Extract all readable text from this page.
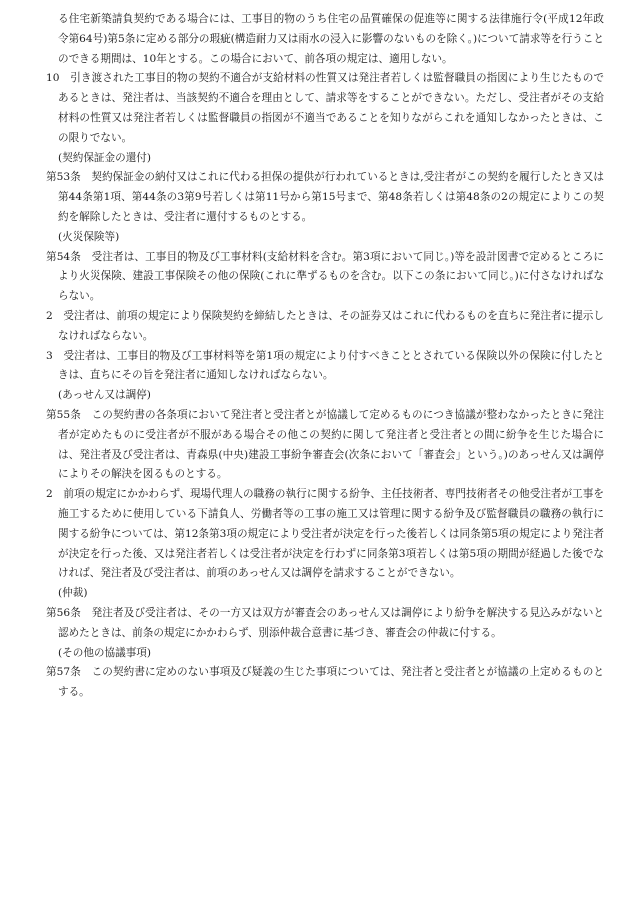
る住宅新築請負契約である場合には、工事目的物のうち住宅の品質確保の促進等に関する法律施行令(平成12年政令第64号)第5条に定める部分の瑕疵(構造耐力又は雨水の浸入に影響のないものを除く。)について請求等を行うことのできる期間は、10年とする。この場合において、前各項の規定は、適用しない。

10　引き渡された工事目的物の契約不適合が支給材料の性質又は発注者若しくは監督職員の指図により生じたものであるときは、発注者は、当該契約不適合を理由として、請求等をすることができない。ただし、受注者がその支給材料の性質又は発注者若しくは監督職員の指図が不適当であることを知りながらこれを通知しなかったときは、この限りでない。

(契約保証金の還付)

第53条　契約保証金の納付又はこれに代わる担保の提供が行われているときは,受注者がこの契約を履行したとき又は第44条第1項、第44条の3第9号若しくは第11号から第15号まで、第48条若しくは第48条の2の規定によりこの契約を解除したときは、受注者に還付するものとする。

(火災保険等)

第54条　受注者は、工事目的物及び工事材料(支給材料を含む。第3項において同じ。)等を設計図書で定めるところにより火災保険、建設工事保険その他の保険(これに準ずるものを含む。以下この条において同じ。)に付さなければならない。

2　受注者は、前項の規定により保険契約を締結したときは、その証券又はこれに代わるものを直ちに発注者に提示しなければならない。

3　受注者は、工事目的物及び工事材料等を第1項の規定により付すべきこととされている保険以外の保険に付したときは、直ちにその旨を発注者に通知しなければならない。

(あっせん又は調停)

第55条　この契約書の各条項において発注者と受注者とが協議して定めるものにつき協議が整わなかったときに発注者が定めたものに受注者が不服がある場合その他この契約に関して発注者と受注者との間に紛争を生じた場合には、発注者及び受注者は、青森県(中央)建設工事紛争審査会(次条において「審査会」という。)のあっせん又は調停によりその解決を図るものとする。

2　前項の規定にかかわらず、現場代理人の職務の執行に関する紛争、主任技術者、専門技術者その他受注者が工事を施工するために使用している下請負人、労働者等の工事の施工又は管理に関する紛争及び監督職員の職務の執行に関する紛争については、第12条第3項の規定により受注者が決定を行った後若しくは同条第5項の規定により発注者が決定を行った後、又は発注者若しくは受注者が決定を行わずに同条第3項若しくは第5項の期間が経過した後でなければ、発注者及び受注者は、前項のあっせん又は調停を請求することができない。

(仲裁)

第56条　発注者及び受注者は、その一方又は双方が審査会のあっせん又は調停により紛争を解決する見込みがないと認めたときは、前条の規定にかかわらず、別添仲裁合意書に基づき、審査会の仲裁に付する。

(その他の協議事項)

第57条　この契約書に定めのない事項及び疑義の生じた事項については、発注者と受注者とが協議の上定めるものとする。
